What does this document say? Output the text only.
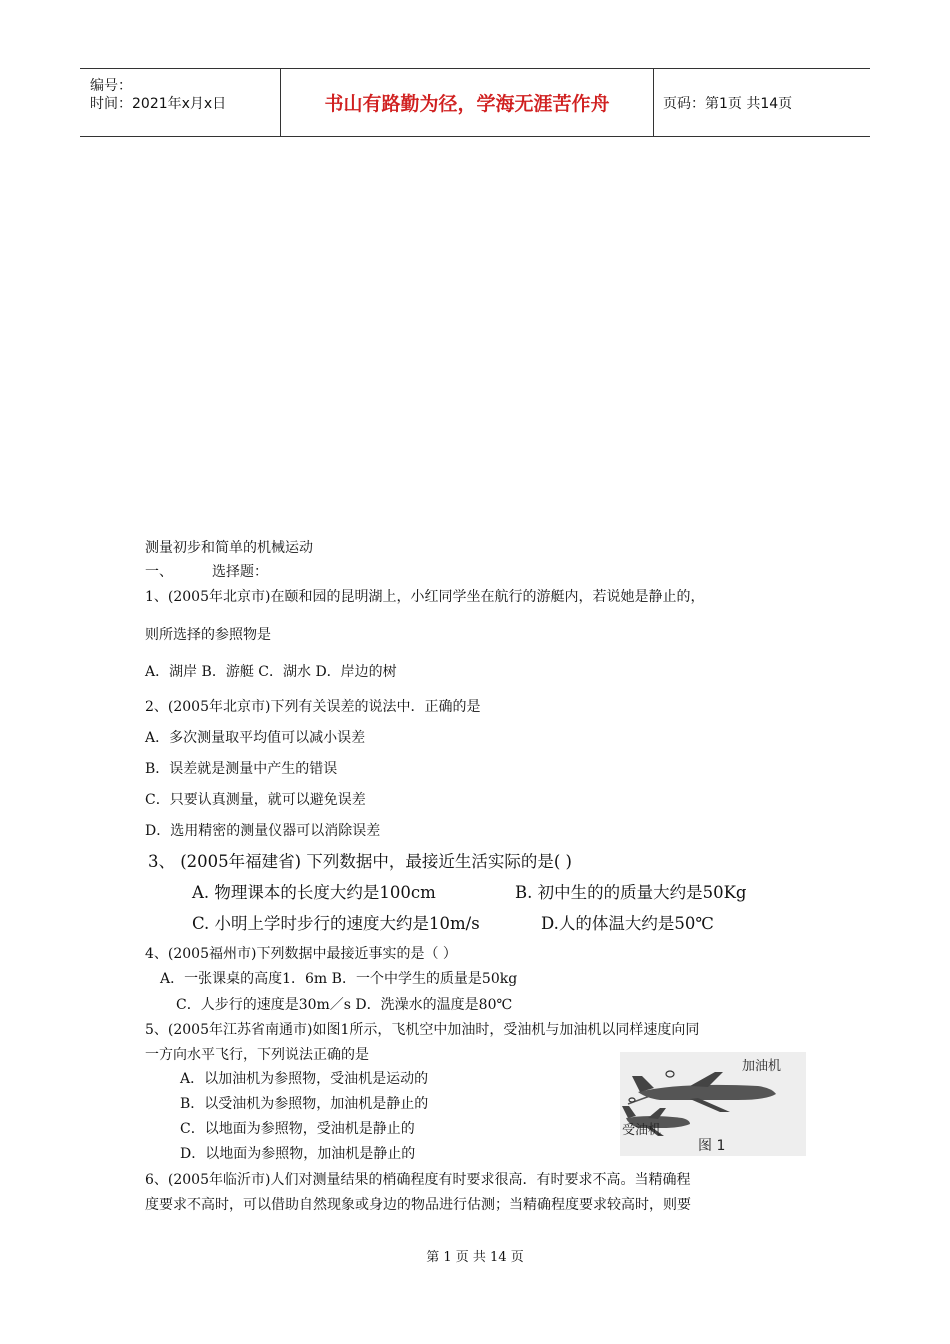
编号：
时间：2021年x月x日	书山有路勤为径，学海无涯苦作舟	页码：第1页 共14页
测量初步和简单的机械运动
一、	选择题：
1、(2005年北京市)在颐和园的昆明湖上，小红同学坐在航行的游艇内，若说她是静止的，
则所选择的参照物是
A．湖岸 B．游艇 C．湖水 D．岸边的树
2、(2005年北京市)下列有关误差的说法中．正确的是
A．多次测量取平均值可以减小误差
B．误差就是测量中产生的错误
C．只要认真测量，就可以避免误差
D．选用精密的测量仪器可以消除误差
3、 (2005年福建省) 下列数据中，最接近生活实际的是( )
A. 物理课本的长度大约是100cm	B. 初中生的的质量大约是50Kg
C. 小明上学时步行的速度大约是10m/s	D.人的体温大约是50℃
4、(2005福州市)下列数据中最接近事实的是（ ）
A．一张课桌的高度1．6m B．一个中学生的质量是50kg
C．人步行的速度是30m／s D．洗澡水的温度是80℃
5、(2005年江苏省南通市)如图1所示，飞机空中加油时，受油机与加油机以同样速度向同
一方向水平飞行，下列说法正确的是
A．以加油机为参照物，受油机是运动的
B．以受油机为参照物，加油机是静止的
C．以地面为参照物，受油机是静止的
D．以地面为参照物，加油机是静止的
加油机
受油机
图 1
6、(2005年临沂市)人们对测量结果的梢确程度有时要求很高．有时要求不高。当精确程
度要求不高时，可以借助自然现象或身边的物品进行估测；当精确程度要求较高时，则要
第 1 页 共 14 页
